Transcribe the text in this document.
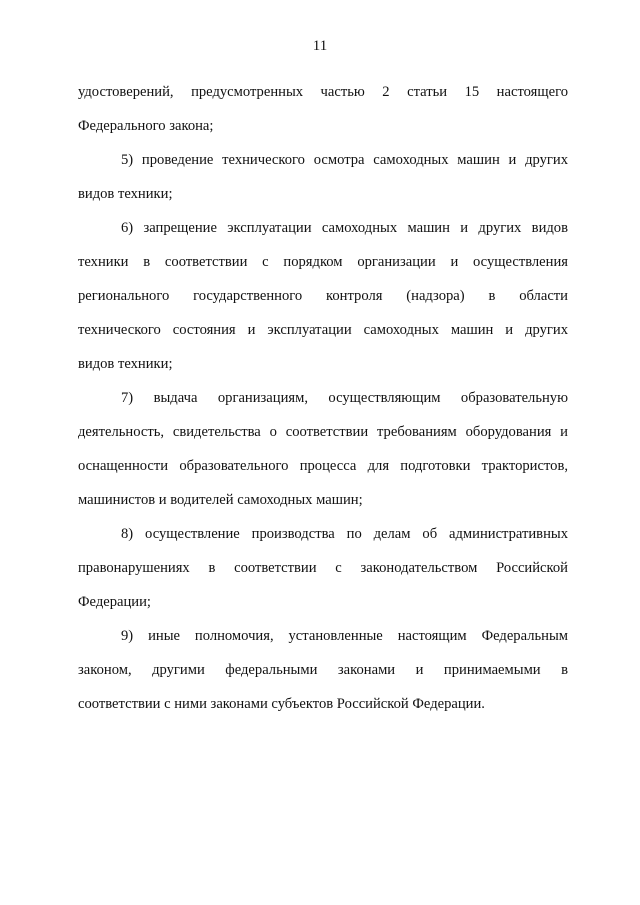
11

удостоверений, предусмотренных частью 2 статьи 15 настоящего
Федерального закона;

5) проведение технического осмотра самоходных машин и других
видов техники;

6) запрещение эксплуатации самоходных машин и других видов
техники в соответствии с порядком организации и осуществления
регионального государственного контроля (надзора) в области
технического состояния и эксплуатации самоходных машин и других
видов техники;

7) выдача организациям, осуществляющим образовательную
деятельность, свидетельства о соответствии требованиям оборудования и
оснащенности образовательного процесса для подготовки трактористов,
машинистов и водителей самоходных машин;

8) осуществление производства по делам об административных
правонарушениях в соответствии с законодательством Российской
Федерации;

9) иные полномочия, установленные настоящим Федеральным
законом, другими федеральными законами и принимаемыми в
соответствии с ними законами субъектов Российской Федерации.
